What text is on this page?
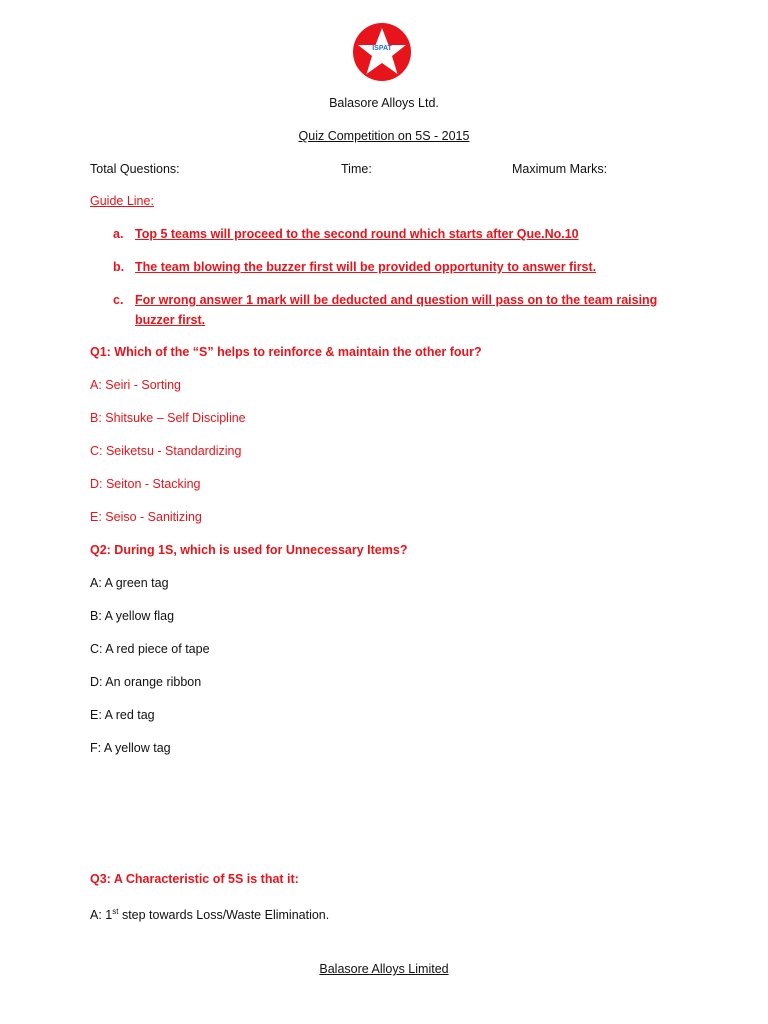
ISPAT
Balasore Alloys Ltd.
Quiz Competition on 5S - 2015
Total Questions:	Time:	Maximum Marks:
Guide Line:
a. Top 5 teams will proceed to the second round which starts after Que.No.10
b. The team blowing the buzzer first will be provided opportunity to answer first.
c. For wrong answer 1 mark will be deducted and question will pass on to the team raising
buzzer first.
Q1: Which of the “S” helps to reinforce & maintain the other four?
A: Seiri - Sorting
B: Shitsuke – Self Discipline
C: Seiketsu - Standardizing
D: Seiton - Stacking
E: Seiso - Sanitizing
Q2: During 1S, which is used for Unnecessary Items?
A: A green tag
B: A yellow flag
C: A red piece of tape
D: An orange ribbon
E: A red tag
F: A yellow tag
Q3: A Characteristic of 5S is that it:
A: 1st step towards Loss/Waste Elimination.
Balasore Alloys Limited
